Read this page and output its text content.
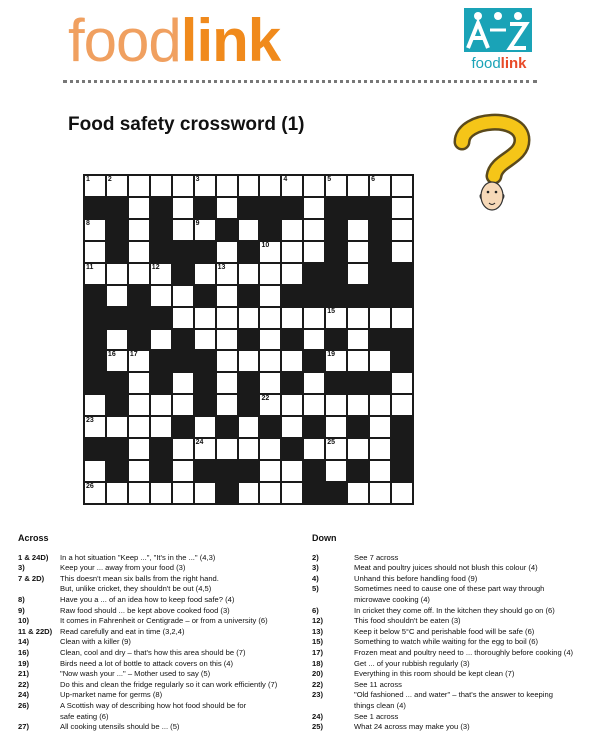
foodlink	foodlink
Food safety crossword (1)
1	2	3	4	5	6
8	9
10
11	12	13
15
16 17	19
22
23
24	25
26
Across
1 & 24D)	In a hot situation "Keep ...", "It's in the ..." (4,3)
3)	Keep your ... away from your food (3)
7 & 2D)	This doesn't mean six balls from the right hand.
But, unlike cricket, they shouldn't be out (4,5)
8)	Have you a ... of an idea how to keep food safe? (4)
9)	Raw food should ... be kept above cooked food (3)
10)	It comes in Fahrenheit or Centigrade – or from a university (6)
11 & 22D)	Read carefully and eat in time (3,2,4)
14)	Clean with a killer (9)
16)	Clean, cool and dry – that's how this area should be (7)
19)	Birds need a lot of bottle to attack covers on this (4)
21)	"Now wash your ..." – Mother used to say (5)
22)	Do this and clean the fridge regularly so it can work efficiently (7)
24)	Up-market name for germs (8)
26)	A Scottish way of describing how hot food should be for
safe eating (6)
27)	All cooking utensils should be ... (5)
Down
2)	See 7 across
3)	Meat and poultry juices should not blush this colour (4)
4)	Unhand this before handling food (9)
5)	Sometimes need to cause one of these part way through
microwave cooking (4)
6)	In cricket they come off. In the kitchen they should go on (6)
12)	This food shouldn't be eaten (3)
13)	Keep it below 5°C and perishable food will be safe (6)
15)	Something to watch while waiting for the egg to boil (6)
17)	Frozen meat and poultry need to ... thoroughly before cooking (4)
18)	Get ... of your rubbish regularly (3)
20)	Everything in this room should be kept clean (7)
22)	See 11 across
23)	"Old fashioned ... and water" – that's the answer to keeping
things clean (4)
24)	See 1 across
25)	What 24 across may make you (3)
